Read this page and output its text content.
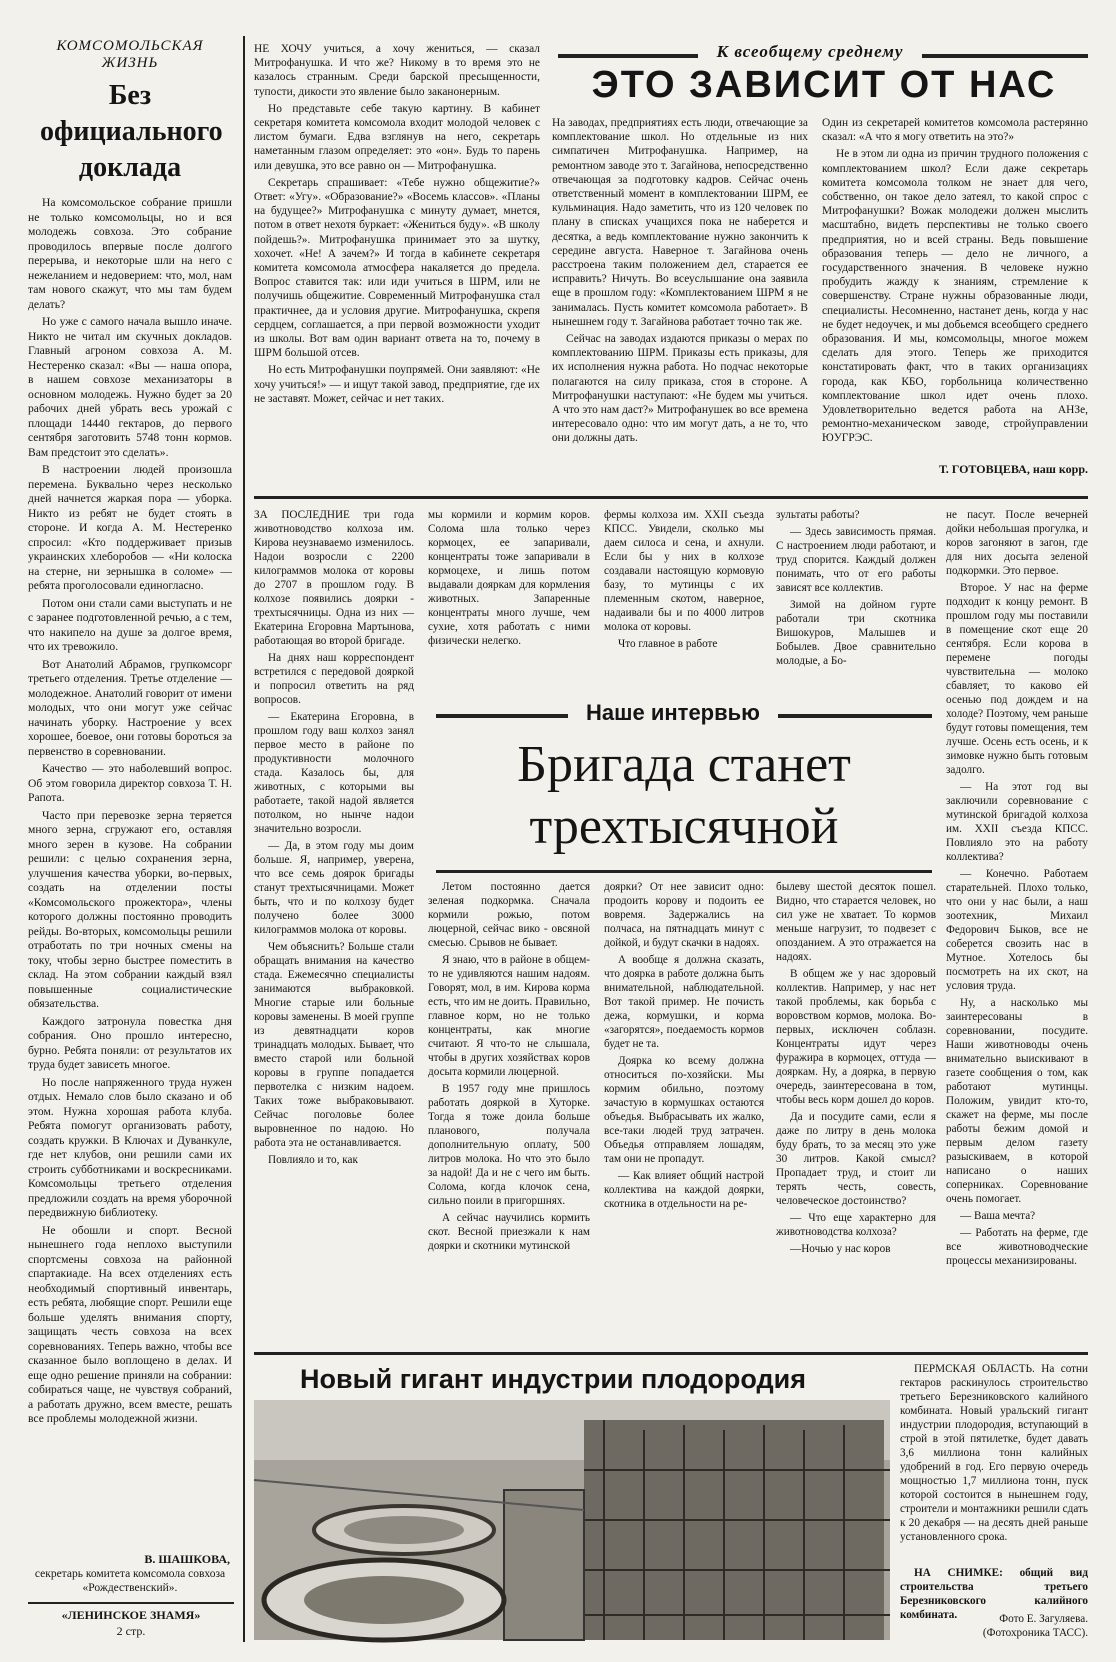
КОМСОМОЛЬСКАЯ ЖИЗНЬ
Без официального доклада

На комсомольское собрание пришли не только комсомольцы, но и вся молодежь совхоза. Это собрание проводилось впервые после долгого перерыва, и некоторые шли на него с нежеланием и недоверием: что, мол, нам там нового скажут, что мы там будем делать?

Но уже с самого начала вышло иначе. Никто не читал им скучных докладов. Главный агроном совхоза А. М. Нестеренко сказал: «Вы — наша опора, в нашем совхозе механизаторы в основном молодежь. Нужно будет за 20 рабочих дней убрать весь урожай с площади 14440 гектаров, до первого сентября заготовить 5748 тонн кормов. Вам предстоит это сделать».

В настроении людей произошла перемена. Буквально через несколько дней начнется жаркая пора — уборка. Никто из ребят не будет стоять в стороне. И когда А. М. Нестеренко спросил: «Кто поддерживает призыв украинских хлеборобов — «Ни колоска на стерне, ни зернышка в соломе» — ребята проголосовали единогласно.

Потом они стали сами выступать и не с заранее подготовленной речью, а с тем, что накипело на душе за долгое время, что их тревожило.

Вот Анатолий Абрамов, групкомсорг третьего отделения. Третье отделение — молодежное. Анатолий говорит от имени молодых, что они могут уже сейчас начинать уборку. Настроение у всех хорошее, боевое, они готовы бороться за первенство в соревновании.

Качество — это наболевший вопрос. Об этом говорила директор совхоза Т. Н. Рапота.

Часто при перевозке зерна теряется много зерна, сгружают его, оставляя много зерен в кузове. На собрании решили: с целью сохранения зерна, улучшения качества уборки, во-первых, создать на отделении посты «Комсомольского прожектора», члены которого должны постоянно проводить рейды. Во-вторых, комсомольцы решили отработать по три ночных смены на току, чтобы зерно быстрее поместить в склад. На этом собрании каждый взял повышенные социалистические обязательства.

Каждого затронула повестка дня собрания. Оно прошло интересно, бурно. Ребята поняли: от результатов их труда будет зависеть многое.

Но после напряженного труда нужен отдых. Немало слов было сказано и об этом. Нужна хорошая работа клуба. Ребята помогут организовать работу, создать кружки. В Ключах и Дуванкуле, где нет клубов, они решили сами их строить субботниками и воскресниками. Комсомольцы третьего отделения предложили создать на время уборочной передвижную библиотеку.

Не обошли и спорт. Весной нынешнего года неплохо выступили спортсмены совхоза на районной спартакиаде. На всех отделениях есть необходимый спортивный инвентарь, есть ребята, любящие спорт. Решили еще больше уделять внимания спорту, защищать честь совхоза на всех соревнованиях. Теперь важно, чтобы все сказанное было воплощено в делах. И еще одно решение приняли на собрании: собираться чаще, не чувствуя собраний, а работать дружно, всем вместе, решать все проблемы молодежной жизни.

В. ШАШКОВА,
секретарь комитета комсомола совхоза «Рождественский».
«ЛЕНИНСКОЕ ЗНАМЯ»
2 стр.
К всеобщему среднему
ЭТО ЗАВИСИТ ОТ НАС

НЕ ХОЧУ учиться, а хочу жениться, — сказал Митрофанушка. И что же? Никому в то время это не казалось странным. Среди барской пресыщенности, тупости, дикости это явление было заканонерным.

Но представьте себе такую картину. В кабинет секретаря комитета комсомола входит молодой человек с листом бумаги. Едва взглянув на него, секретарь наметанным глазом определяет: это «он». Будь то парень или девушка, это все равно он — Митрофанушка.

Секретарь спрашивает: «Тебе нужно общежитие?» Ответ: «Угу». «Образование?» «Восемь классов». «Планы на будущее?» Митрофанушка с минуту думает, мнется, потом в ответ нехотя буркает: «Жениться буду». «В школу пойдешь?». Митрофанушка принимает это за шутку, хохочет. «Не! А зачем?» И тогда в кабинете секретаря комитета комсомола атмосфера накаляется до предела. Вопрос ставится так: или иди учиться в ШРМ, или не получишь общежитие. Современный Митрофанушка стал практичнее, да и условия другие. Митрофанушка, скрепя сердцем, соглашается, а при первой возможности уходит из школы. Вот вам один вариант ответа на то, почему в ШРМ большой отсев.

Но есть Митрофанушки поупрямей. Они заявляют: «Не хочу учиться!» — и ищут такой завод, предприятие, где их не заставят. Может, сейчас и нет таких.

На заводах, предприятиях есть люди, отвечающие за комплектование школ. Но отдельные из них симпатичен Митрофанушка. Например, на ремонтном заводе это т. Загайнова, непосредственно отвечающая за подготовку кадров. Сейчас очень ответственный момент в комплектовании ШРМ, ее кульминация. Надо заметить, что из 120 человек по плану в списках учащихся пока не наберется и десятка, а ведь комплектование нужно закончить к середине августа. Наверное т. Загайнова очень расстроена таким положением дел, старается ее исправить? Ничуть. Во всеуслышание она заявила еще в прошлом году: «Комплектованием ШРМ я не занималась. Пусть комитет комсомола работает». В нынешнем году т. Загайнова работает точно так же.

Сейчас на заводах издаются приказы о мерах по комплектованию ШРМ. Приказы есть приказы, для их исполнения нужна работа. Но подчас некоторые полагаются на силу приказа, стоя в стороне. А Митрофанушки наступают: «Не будем мы учиться. А что это нам даст?» Митрофанушек во все времена интересовало одно: что им могут дать, а не то, что они должны дать.

Один из секретарей комитетов комсомола растерянно сказал: «А что я могу ответить на это?»

Не в этом ли одна из причин трудного положения с комплектованием школ? Если даже секретарь комитета комсомола толком не знает для чего, собственно, он такое дело затеял, то какой спрос с Митрофанушки? Вожак молодежи должен мыслить масштабно, видеть перспективы не только своего предприятия, но и всей страны. Ведь повышение образования теперь — дело не личного, а государственного значения. В человеке нужно пробудить жажду к знаниям, стремление к совершенству. Стране нужны образованные люди, специалисты. Несомненно, настанет день, когда у нас не будет недоучек, и мы добьемся всеобщего среднего образования. И мы, комсомольцы, многое можем сделать для этого. Теперь же приходится констатировать факт, что в таких организациях города, как КБО, горбольница количественно комплектование школ идет очень плохо. Удовлетворительно ведется работа на АНЗе, ремонтно-механическом заводе, стройуправлении ЮУГРЭС.

Т. ГОТОВЦЕВА, наш корр.

ЗА ПОСЛЕДНИЕ три года животноводство колхоза им. Кирова неузнаваемо изменилось. Надои возросли с 2200 килограммов молока от коровы до 2707 в прошлом году. В колхозе появились доярки - трехтысячницы. Одна из них — Екатерина Егоровна Мартынова, работающая во второй бригаде.

На днях наш корреспондент встретился с передовой дояркой и попросил ответить на ряд вопросов.

— Екатерина Егоровна, в прошлом году ваш колхоз занял первое место в районе по продуктивности молочного стада. Казалось бы, для животных, с которыми вы работаете, такой надой является потолком, но нынче надои значительно возросли.

— Да, в этом году мы доим больше. Я, например, уверена, что все семь доярок бригады станут трехтысячницами. Может быть, что и по колхозу будет получено более 3000 килограммов молока от коровы.

Чем объяснить? Больше стали обращать внимания на качество стада. Ежемесячно специалисты занимаются выбраковкой. Многие старые или больные коровы заменены. В моей группе из девятнадцати коров тринадцать молодых. Бывает, что вместо старой или больной коровы в группе попадается первотелка с низким надоем. Таких тоже выбраковывают. Сейчас поголовье более выровненное по надою. Но работа эта не останавливается.

Повлияло и то, как

мы кормили и кормим коров. Солома шла только через кормоцех, ее запаривали, концентраты тоже запаривали в кормоцехе, и лишь потом выдавали дояркам для кормления животных. Запаренные концентраты много лучше, чем сухие, хотя работать с ними физически нелегко.

фермы колхоза им. XXII съезда КПСС. Увидели, сколько мы даем силоса и сена, и ахнули. Если бы у них в колхозе создавали настоящую кормовую базу, то мутинцы с их племенным скотом, наверное, надаивали бы и по 4000 литров молока от коровы.

Что главное в работе

зультаты работы?

— Здесь зависимость прямая. С настроением люди работают, и труд спорится. Каждый должен понимать, что от его работы зависят все коллектив.

Зимой на дойном гурте работали три скотника Вишокуров, Малышев и Бобылев. Двое сравнительно молодые, а Бо-

Наше интервью
Бригада станет трехтысячной

Летом постоянно дается зеленая подкормка. Сначала кормили рожью, потом люцерной, сейчас вико - овсяной смесью. Срывов не бывает.

Я знаю, что в районе в общем-то не удивляются нашим надоям. Говорят, мол, в им. Кирова корма есть, что им не доить. Правильно, главное корм, но не только концентраты, как многие считают. Я что-то не слышала, чтобы в других хозяйствах коров досыта кормили люцерной.

В 1957 году мне пришлось работать дояркой в Хуторке. Тогда я тоже доила больше планового, получала дополнительную оплату, 500 литров молока. Но что это было за надой! Да и не с чего им быть. Солома, когда клочок сена, сильно поили в пригоршнях.

А сейчас научились кормить скот. Весной приезжали к нам доярки и скотники мутинской

доярки? От нее зависит одно: продоить корову и подоить ее вовремя. Задержались на полчаса, на пятнадцать минут с дойкой, и будут скачки в надоях.

А вообще я должна сказать, что доярка в работе должна быть внимательной, наблюдательной. Вот такой пример. Не почисть дежа, кормушки, и корма «загорятся», поедаемость кормов будет не та.

Доярка ко всему должна относиться по-хозяйски. Мы кормим обильно, поэтому зачастую в кормушках остаются объедья. Выбрасывать их жалко, все-таки людей труд затрачен. Объедья отправляем лошадям, там они не пропадут.

— Как влияет общий настрой коллектива на каждой доярки, скотника в отдельности на ре-

былеву шестой десяток пошел. Видно, что старается человек, но сил уже не хватает. То кормов меньше нагрузит, то подвезет с опозданием. А это отражается на надоях.

В общем же у нас здоровый коллектив. Например, у нас нет такой проблемы, как борьба с воровством кормов, молока. Во-первых, исключен соблазн. Концентраты идут через фуражира в кормоцех, оттуда — дояркам. Ну, а доярка, в первую очередь, заинтересована в том, чтобы весь корм дошел до коров.

Да и посудите сами, если я даже по литру в день молока буду брать, то за месяц это уже 30 литров. Какой смысл? Пропадает труд, и стоит ли терять честь, совесть, человеческое достоинство?

— Что еще характерно для животноводства колхоза?

—Ночью у нас коров

не пасут. После вечерней дойки небольшая прогулка, и коров загоняют в загон, где для них досыта зеленой подкормки. Это первое.

Второе. У нас на ферме подходит к концу ремонт. В прошлом году мы поставили в помещение скот еще 20 сентября. Если корова в перемене погоды чувствительна — молоко сбавляет, то каково ей осенью под дождем и на холоде? Поэтому, чем раньше будут готовы помещения, тем лучше. Осень есть осень, и к зимовке нужно быть готовым задолго.

— На этот год вы заключили соревнование с мутинской бригадой колхоза им. XXII съезда КПСС. Повлияло это на работу коллектива?

— Конечно. Работаем старательней. Плохо только, что они у нас были, а наш зоотехник, Михаил Федорович Быков, все не соберется свозить нас в Мутное. Хотелось бы посмотреть на их скот, на условия труда.

Ну, а насколько мы заинтересованы в соревновании, посудите. Наши животноводы очень внимательно выискивают в газете сообщения о том, как работают мутинцы. Положим, увидит кто-то, скажет на ферме, мы после работы бежим домой и первым делом газету разыскиваем, в которой написано о наших соперниках. Соревнование очень помогает.

— Ваша мечта?

— Работать на ферме, где все животноводческие процессы механизированы.

Новый гигант индустрии плодородия	ПЕРМСКАЯ ОБЛАСТЬ. На сотни гектаров раскинулось строительство третьего Березниковского калийного комбината. Новый уральский гигант индустрии плодородия, вступающий в строй в этой пятилетке, будет давать 3,6 миллиона тонн калийных удобрений в год. Его первую очередь мощностью 1,7 миллиона тонн, пуск которой состоится в нынешнем году, строители и монтажники решили сдать к 20 декабря — на десять дней раньше установленного срока.

НА СНИМКЕ: общий вид строительства третьего Березниковского калийного комбината.	Фото Е. Загуляева.
(Фотохроника ТАСС).
